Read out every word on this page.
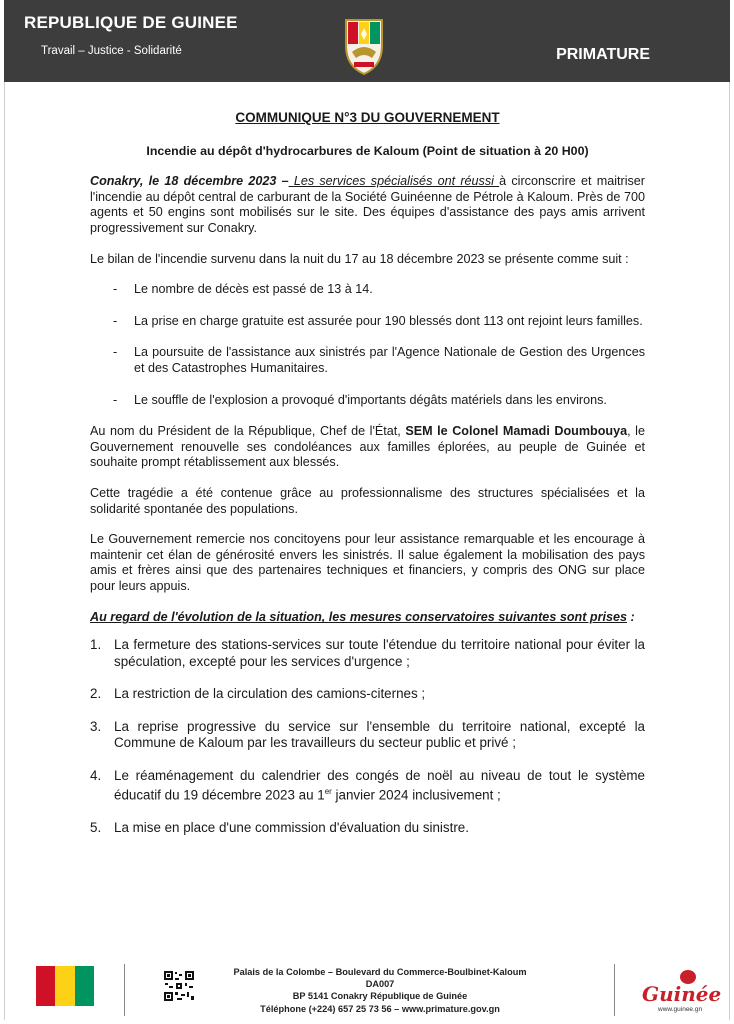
REPUBLIQUE DE GUINEE
Travail – Justice - Solidarité	PRIMATURE
COMMUNIQUE N°3 DU GOUVERNEMENT
Incendie au dépôt d'hydrocarbures de Kaloum (Point de situation à 20 H00)

Conakry, le 18 décembre 2023 – Les services spécialisés ont réussi à circonscrire et maitriser l'incendie au dépôt central de carburant de la Société Guinéenne de Pétrole à Kaloum. Près de 700 agents et 50 engins sont mobilisés sur le site. Des équipes d'assistance des pays amis arrivent progressivement sur Conakry.

Le bilan de l'incendie survenu dans la nuit du 17 au 18 décembre 2023 se présente comme suit :

- Le nombre de décès est passé de 13 à 14.
- La prise en charge gratuite est assurée pour 190 blessés dont 113 ont rejoint leurs familles.
- La poursuite de l'assistance aux sinistrés par l'Agence Nationale de Gestion des Urgences et des Catastrophes Humanitaires.
- Le souffle de l'explosion a provoqué d'importants dégâts matériels dans les environs.

Au nom du Président de la République, Chef de l'État, SEM le Colonel Mamadi Doumbouya, le Gouvernement renouvelle ses condoléances aux familles éplorées, au peuple de Guinée et souhaite prompt rétablissement aux blessés.

Cette tragédie a été contenue grâce au professionnalisme des structures spécialisées et la solidarité spontanée des populations.

Le Gouvernement remercie nos concitoyens pour leur assistance remarquable et les encourage à maintenir cet élan de générosité envers les sinistrés. Il salue également la mobilisation des pays amis et frères ainsi que des partenaires techniques et financiers, y compris des ONG sur place pour leurs appuis.

Au regard de l'évolution de la situation, les mesures conservatoires suivantes sont prises :

1. La fermeture des stations-services sur toute l'étendue du territoire national pour éviter la spéculation, excepté pour les services d'urgence ;
2. La restriction de la circulation des camions-citernes ;
3. La reprise progressive du service sur l'ensemble du territoire national, excepté la Commune de Kaloum par les travailleurs du secteur public et privé ;
4. Le réaménagement du calendrier des congés de noël au niveau de tout le système éducatif du 19 décembre 2023 au 1er janvier 2024 inclusivement ;
5. La mise en place d'une commission d'évaluation du sinistre.
Palais de la Colombe – Boulevard du Commerce-Boulbinet-Kaloum DA007
BP 5141 Conakry République de Guinée
Téléphone (+224) 657 25 73 56 – www.primature.gov.gn
Guinée
www.guinee.gn
